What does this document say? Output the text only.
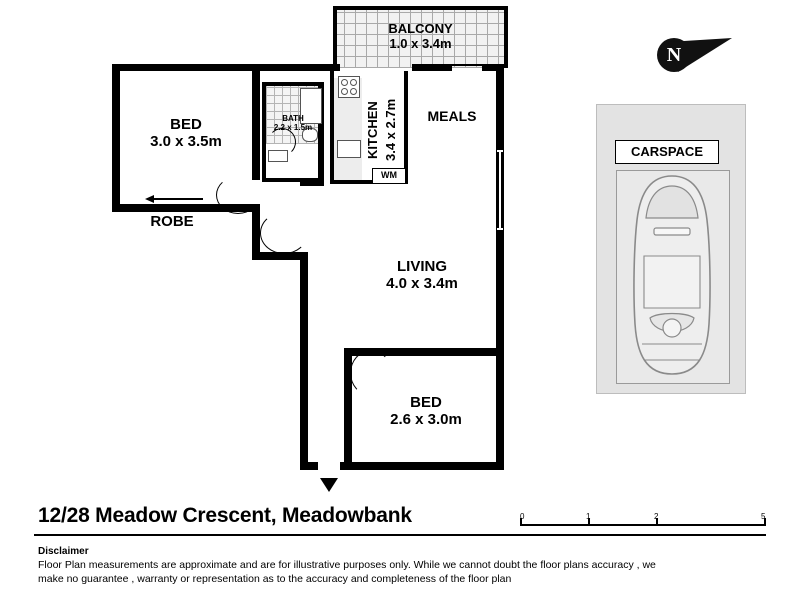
BALCONY
1.0 x 3.4m
BATH
2.2 x 1.5m	KITCHEN 3.4 x 2.7m
WM
MEALS
BED
3.0 x 3.5m
ROBE
LIVING
4.0 x 3.4m
BED
2.6 x 3.0m
N
CARSPACE
12/28 Meadow Crescent, Meadowbank	0	1	2	5
Disclaimer
Floor Plan measurements are approximate and are for illustrative purposes only. While we cannot doubt the floor plans accuracy , we make no guarantee , warranty or representation as to the accuracy and completeness of the floor plan
